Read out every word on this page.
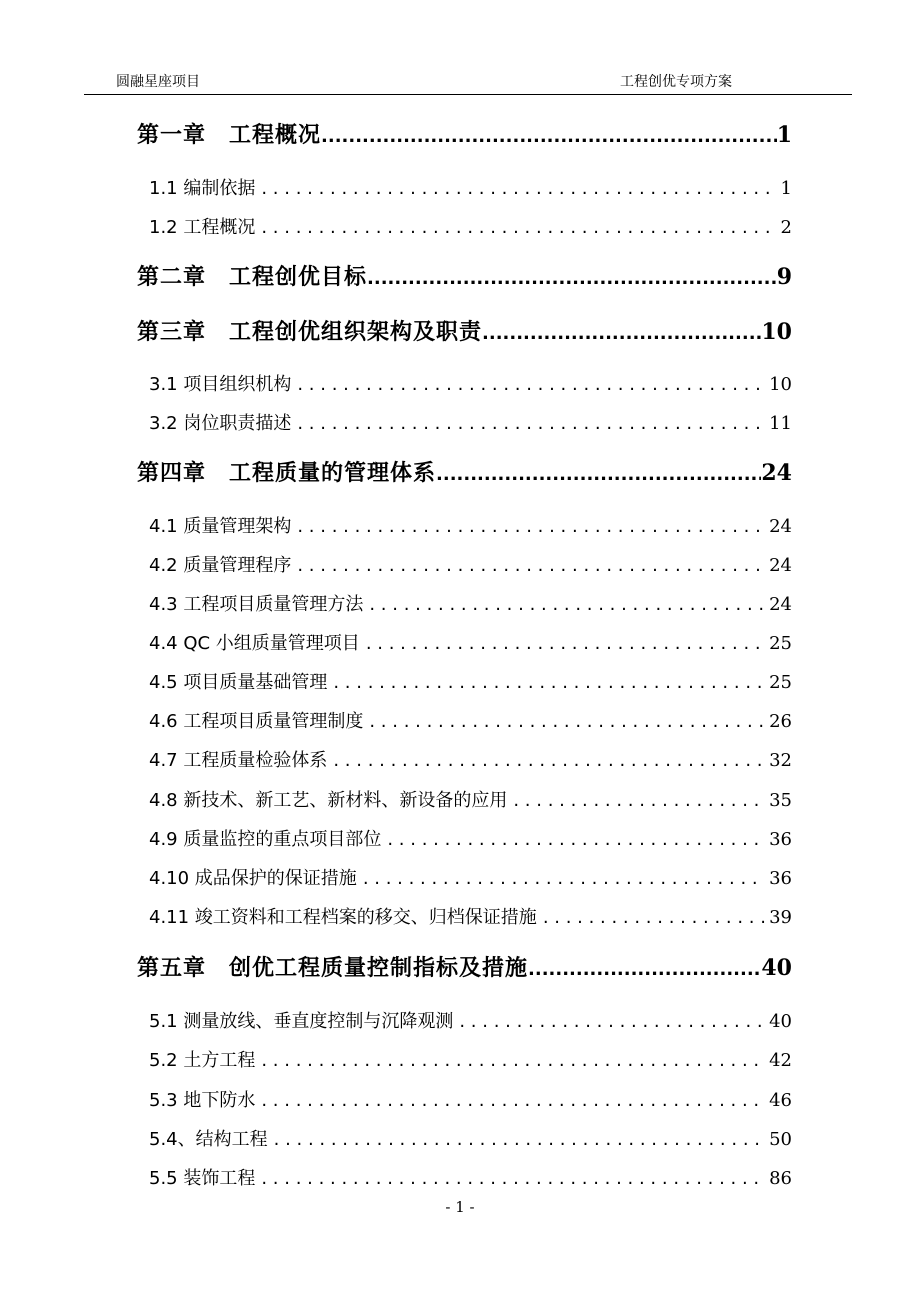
圆融星座项目	工程创优专项方案
第一章　工程概况 .....	1
1.1 编制依据 . . .	1
1.2 工程概况 . . .	2
第二章　工程创优目标 .....	9
第三章　工程创优组织架构及职责 .....	10
3.1 项目组织机构 . . .	10
3.2 岗位职责描述 . . .	11
第四章　工程质量的管理体系 .....	24
4.1 质量管理架构 . . .	24
4.2 质量管理程序 . . .	24
4.3 工程项目质量管理方法 . . .	24
4.4 QC 小组质量管理项目 . . .	25
4.5 项目质量基础管理 . . .	25
4.6 工程项目质量管理制度 . . .	26
4.7 工程质量检验体系 . . .	32
4.8 新技术、新工艺、新材料、新设备的应用 . . .	35
4.9 质量监控的重点项目部位 . . .	36
4.10 成品保护的保证措施 . . .	36
4.11 竣工资料和工程档案的移交、归档保证措施 . . .	39
第五章　创优工程质量控制指标及措施 .....	40
5.1 测量放线、垂直度控制与沉降观测 . . .	40
5.2 土方工程 . . .	42
5.3 地下防水 . . .	46
5.4、结构工程 . . .	50
5.5 装饰工程 . . .	86
- 1 -
